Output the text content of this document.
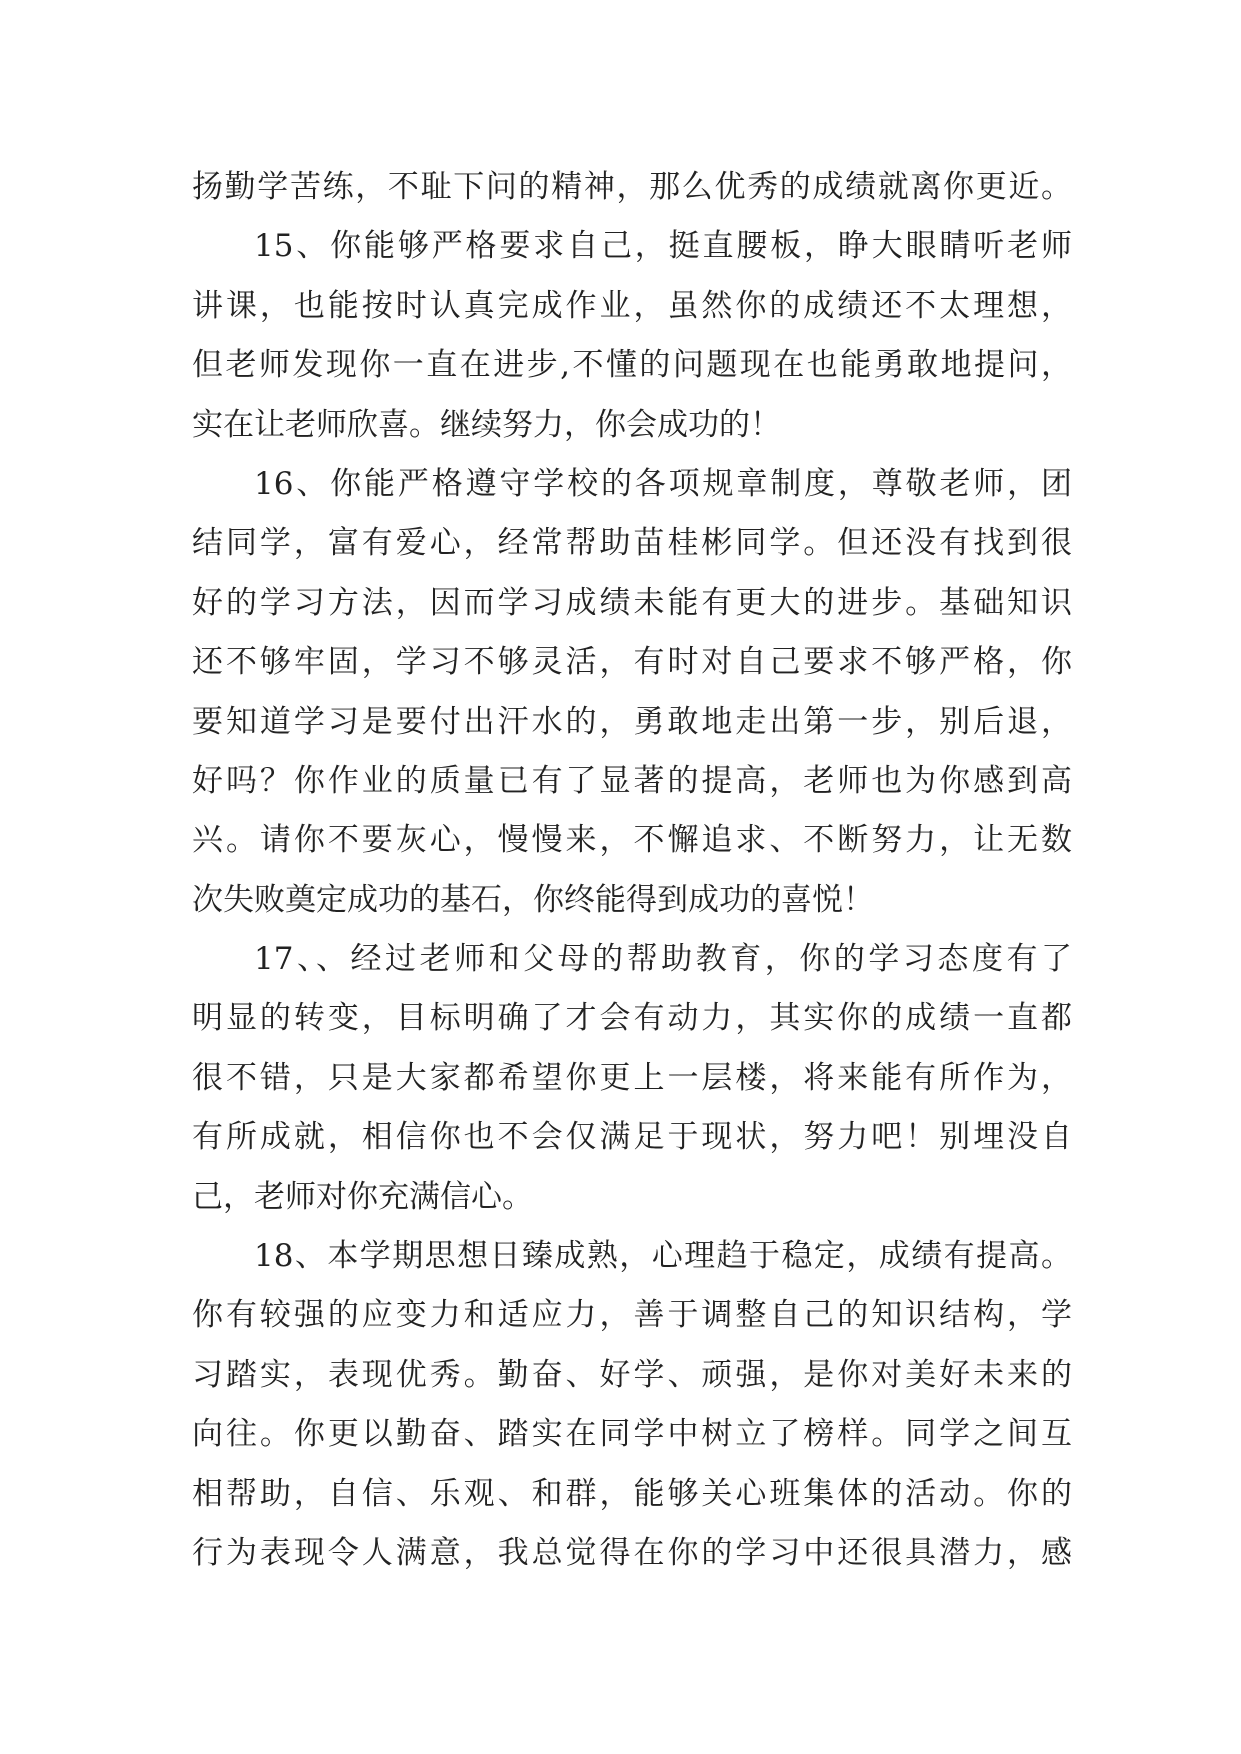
扬勤学苦练，不耻下问的精神，那么优秀的成绩就离你更近。
15、你能够严格要求自己，挺直腰板，睁大眼睛听老师
讲课，也能按时认真完成作业，虽然你的成绩还不太理想，
但老师发现你一直在进步,不懂的问题现在也能勇敢地提问，
实在让老师欣喜。继续努力，你会成功的！
16、你能严格遵守学校的各项规章制度，尊敬老师，团
结同学，富有爱心，经常帮助苗桂彬同学。但还没有找到很
好的学习方法，因而学习成绩未能有更大的进步。基础知识
还不够牢固，学习不够灵活，有时对自己要求不够严格，你
要知道学习是要付出汗水的，勇敢地走出第一步，别后退，
好吗？你作业的质量已有了显著的提高，老师也为你感到高
兴。请你不要灰心，慢慢来，不懈追求、不断努力，让无数
次失败奠定成功的基石，你终能得到成功的喜悦！
17、、经过老师和父母的帮助教育，你的学习态度有了
明显的转变，目标明确了才会有动力，其实你的成绩一直都
很不错，只是大家都希望你更上一层楼，将来能有所作为，
有所成就，相信你也不会仅满足于现状，努力吧！别埋没自
己，老师对你充满信心。
18、本学期思想日臻成熟，心理趋于稳定，成绩有提高。
你有较强的应变力和适应力，善于调整自己的知识结构，学
习踏实，表现优秀。勤奋、好学、顽强，是你对美好未来的
向往。你更以勤奋、踏实在同学中树立了榜样。同学之间互
相帮助，自信、乐观、和群，能够关心班集体的活动。你的
行为表现令人满意，我总觉得在你的学习中还很具潜力，感
